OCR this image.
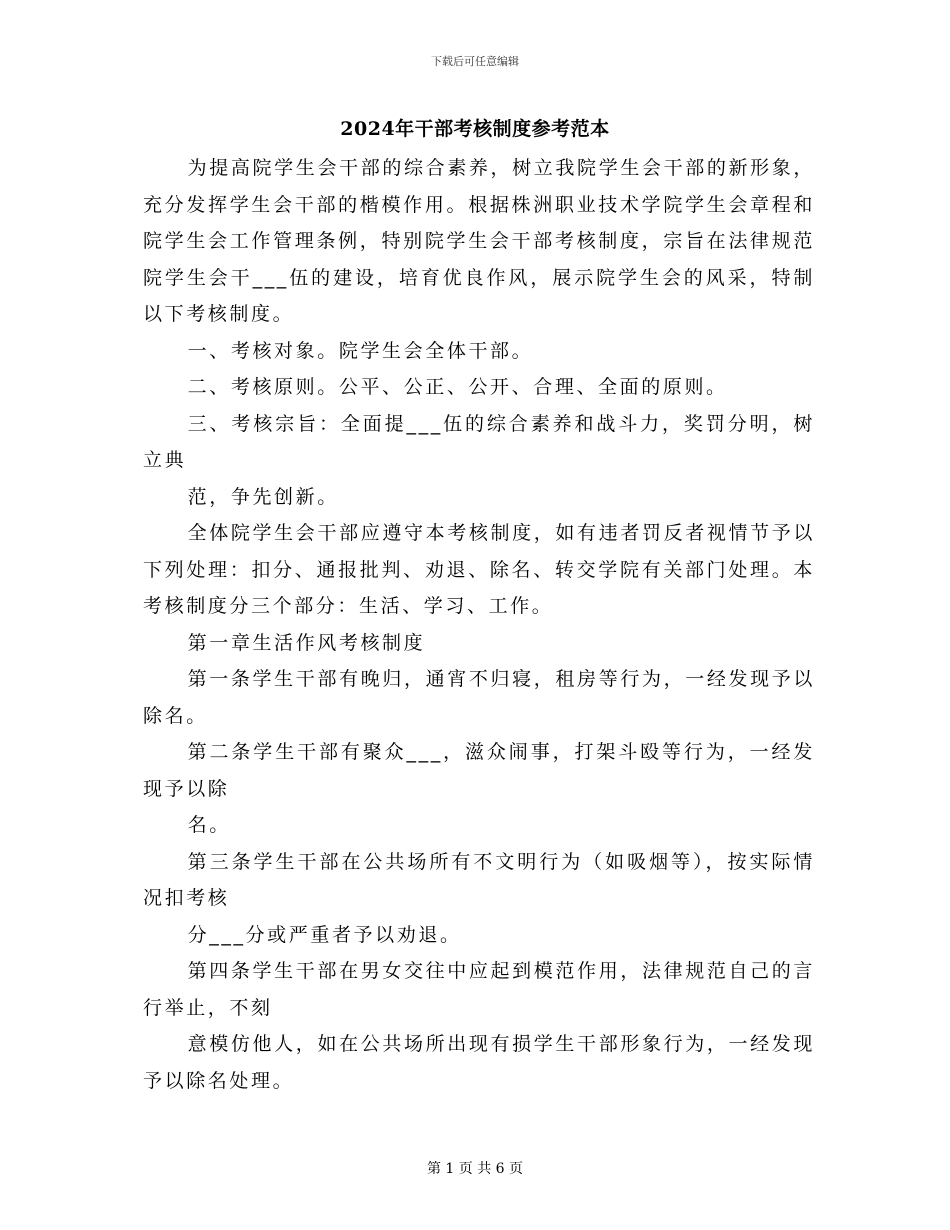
下载后可任意编辑
2024年干部考核制度参考范本

为提高院学生会干部的综合素养，树立我院学生会干部的新形象，充分发挥学生会干部的楷模作用。根据株洲职业技术学院学生会章程和院学生会工作管理条例，特别院学生会干部考核制度，宗旨在法律规范院学生会干___伍的建设，培育优良作风，展示院学生会的风采，特制以下考核制度。

一、考核对象。院学生会全体干部。

二、考核原则。公平、公正、公开、合理、全面的原则。

三、考核宗旨：全面提___伍的综合素养和战斗力，奖罚分明，树立典

范，争先创新。

全体院学生会干部应遵守本考核制度，如有违者罚反者视情节予以下列处理：扣分、通报批判、劝退、除名、转交学院有关部门处理。本考核制度分三个部分：生活、学习、工作。

第一章生活作风考核制度

第一条学生干部有晚归，通宵不归寝，租房等行为，一经发现予以除名。

第二条学生干部有聚众___，滋众闹事，打架斗殴等行为，一经发现予以除

名。

第三条学生干部在公共场所有不文明行为（如吸烟等），按实际情况扣考核

分___分或严重者予以劝退。

第四条学生干部在男女交往中应起到模范作用，法律规范自己的言行举止，不刻

意模仿他人，如在公共场所出现有损学生干部形象行为，一经发现予以除名处理。

第 1 页 共 6 页
